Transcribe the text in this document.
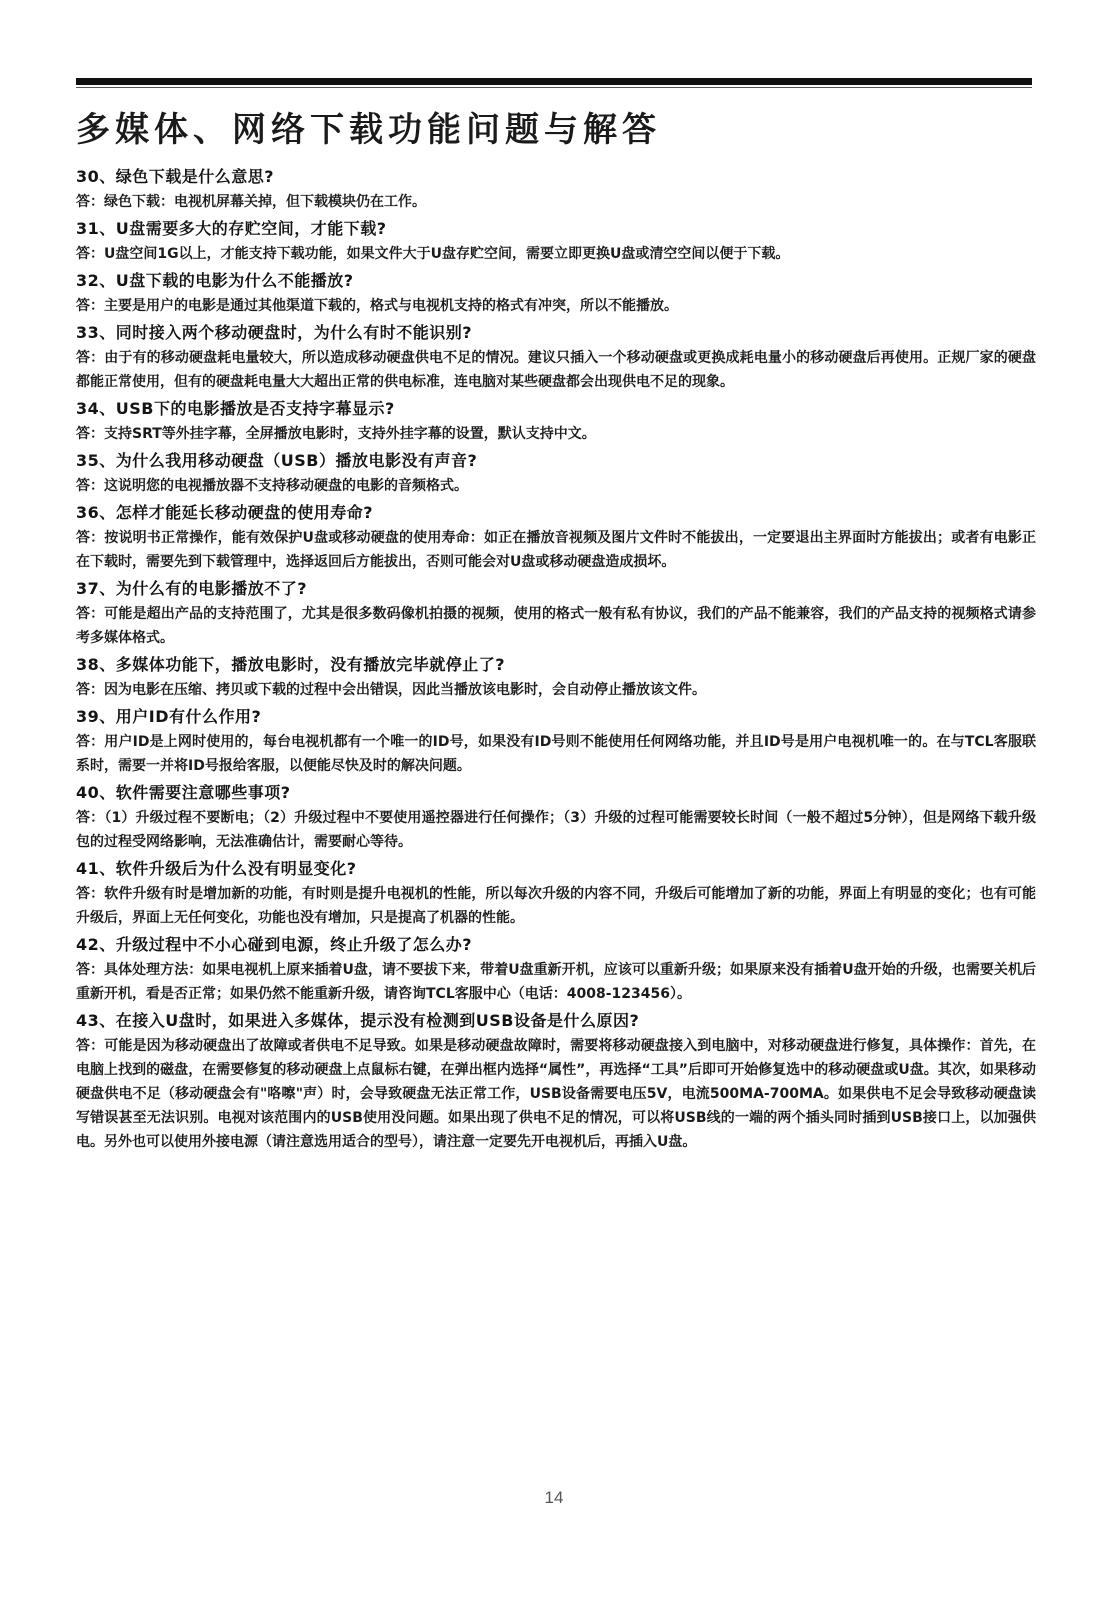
多媒体、网络下载功能问题与解答
30、绿色下载是什么意思?
答：绿色下载：电视机屏幕关掉，但下载模块仍在工作。
31、U盘需要多大的存贮空间，才能下载?
答：U盘空间1G以上，才能支持下载功能，如果文件大于U盘存贮空间，需要立即更换U盘或清空空间以便于下载。
32、U盘下载的电影为什么不能播放?
答：主要是用户的电影是通过其他渠道下载的，格式与电视机支持的格式有冲突，所以不能播放。
33、同时接入两个移动硬盘时，为什么有时不能识别?
答：由于有的移动硬盘耗电量较大，所以造成移动硬盘供电不足的情况。建议只插入一个移动硬盘或更换成耗电量小的移动硬盘后再使用。正规厂家的硬盘都能正常使用，但有的硬盘耗电量大大超出正常的供电标准，连电脑对某些硬盘都会出现供电不足的现象。
34、USB下的电影播放是否支持字幕显示?
答：支持SRT等外挂字幕，全屏播放电影时，支持外挂字幕的设置，默认支持中文。
35、为什么我用移动硬盘（USB）播放电影没有声音?
答：这说明您的电视播放器不支持移动硬盘的电影的音频格式。
36、怎样才能延长移动硬盘的使用寿命?
答：按说明书正常操作，能有效保护U盘或移动硬盘的使用寿命：如正在播放音视频及图片文件时不能拔出，一定要退出主界面时方能拔出；或者有电影正在下载时，需要先到下载管理中，选择返回后方能拔出，否则可能会对U盘或移动硬盘造成损坏。
37、为什么有的电影播放不了?
答：可能是超出产品的支持范围了，尤其是很多数码像机拍摄的视频，使用的格式一般有私有协议，我们的产品不能兼容，我们的产品支持的视频格式请参考多媒体格式。
38、多媒体功能下，播放电影时，没有播放完毕就停止了?
答：因为电影在压缩、拷贝或下载的过程中会出错误，因此当播放该电影时，会自动停止播放该文件。
39、用户ID有什么作用?
答：用户ID是上网时使用的，每台电视机都有一个唯一的ID号，如果没有ID号则不能使用任何网络功能，并且ID号是用户电视机唯一的。在与TCL客服联系时，需要一并将ID号报给客服，以便能尽快及时的解决问题。
40、软件需要注意哪些事项?
答：（1）升级过程不要断电；（2）升级过程中不要使用遥控器进行任何操作；（3）升级的过程可能需要较长时间（一般不超过5分钟），但是网络下载升级包的过程受网络影响，无法准确估计，需要耐心等待。
41、软件升级后为什么没有明显变化?
答：软件升级有时是增加新的功能，有时则是提升电视机的性能，所以每次升级的内容不同，升级后可能增加了新的功能，界面上有明显的变化；也有可能升级后，界面上无任何变化，功能也没有增加，只是提高了机器的性能。
42、升级过程中不小心碰到电源，终止升级了怎么办?
答：具体处理方法：如果电视机上原来插着U盘，请不要拔下来，带着U盘重新开机，应该可以重新升级；如果原来没有插着U盘开始的升级，也需要关机后重新开机，看是否正常；如果仍然不能重新升级，请咨询TCL客服中心（电话：4008-123456）。
43、在接入U盘时，如果进入多媒体，提示没有检测到USB设备是什么原因?
答：可能是因为移动硬盘出了故障或者供电不足导致。如果是移动硬盘故障时，需要将移动硬盘接入到电脑中，对移动硬盘进行修复，具体操作：首先，在电脑上找到的磁盘，在需要修复的移动硬盘上点鼠标右键，在弹出框内选择“属性”，再选择“工具”后即可开始修复选中的移动硬盘或U盘。其次，如果移动硬盘供电不足（移动硬盘会有"咯嚓"声）时，会导致硬盘无法正常工作，USB设备需要电压5V，电流500MA-700MA。如果供电不足会导致移动硬盘读写错误甚至无法识别。电视对该范围内的USB使用没问题。如果出现了供电不足的情况，可以将USB线的一端的两个插头同时插到USB接口上，以加强供电。另外也可以使用外接电源（请注意选用适合的型号），请注意一定要先开电视机后，再插入U盘。
14
